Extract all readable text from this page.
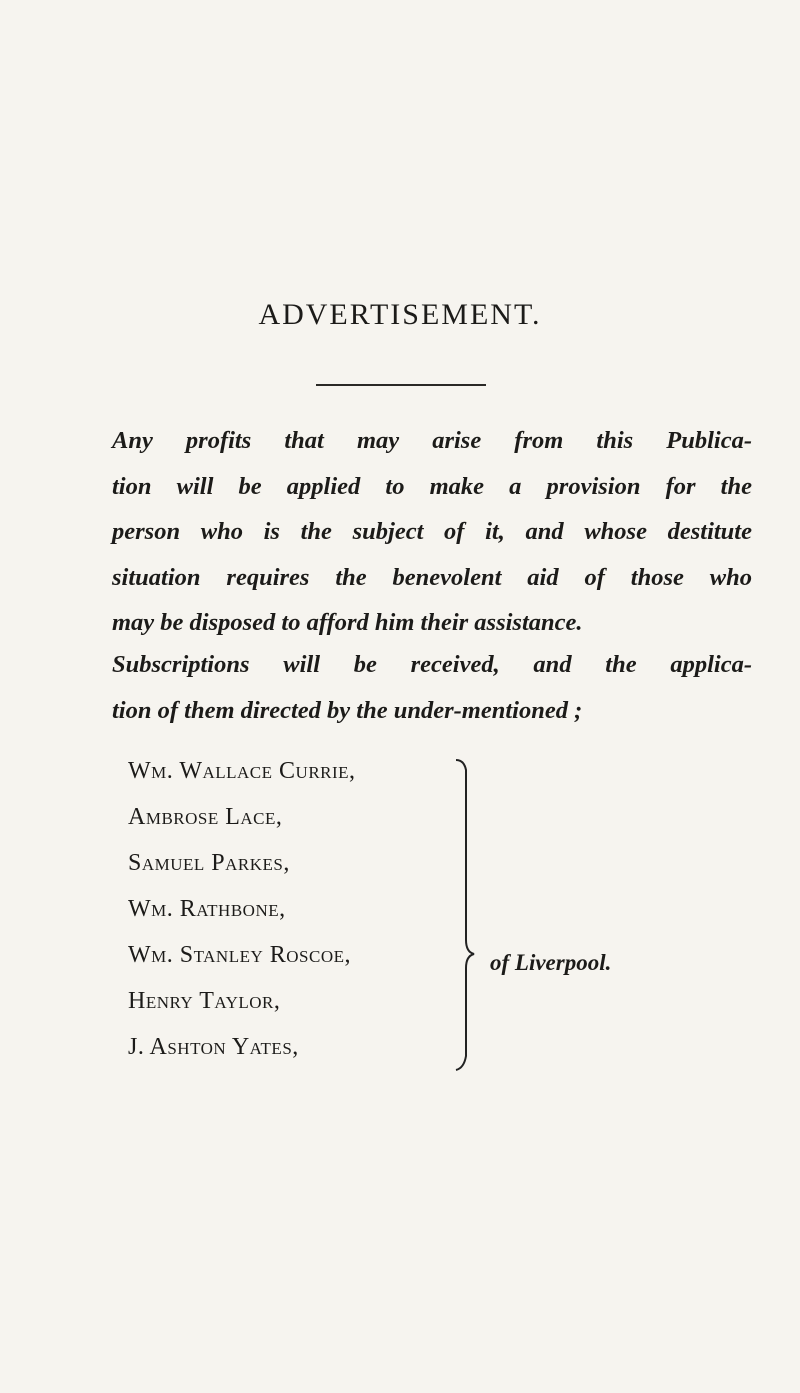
ADVERTISEMENT.
Any profits that may arise from this Publica-
tion will be applied to make a provision for the
person who is the subject of it, and whose destitute
situation requires the benevolent aid of those who
may be disposed to afford him their assistance.
Subscriptions will be received, and the applica-
tion of them directed by the under-mentioned ;
Wm. Wallace Currie,
Ambrose Lace,
Samuel Parkes,
Wm. Rathbone,
Wm. Stanley Roscoe,
Henry Taylor,
J. Ashton Yates,
of Liverpool.
